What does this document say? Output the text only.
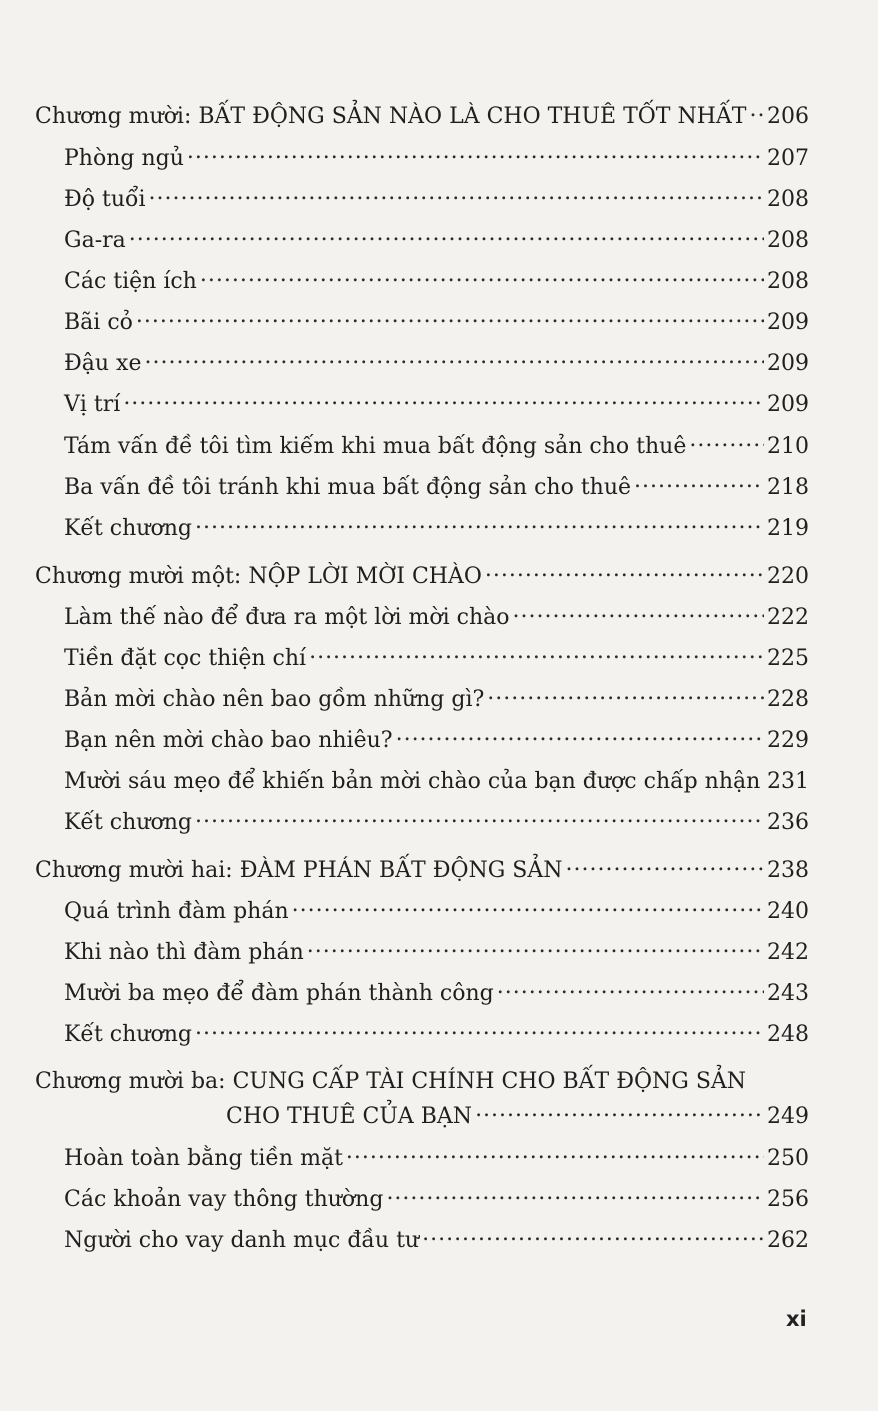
Chương mười: BẤT ĐỘNG SẢN NÀO LÀ CHO THUÊ TỐT NHẤT ..... 206
Phòng ngủ .....	207
Độ tuổi .....	208
Ga-ra .....	208
Các tiện ích .....	208
Bãi cỏ .....	209
Đậu xe .....	209
Vị trí .....	209
Tám vấn đề tôi tìm kiếm khi mua bất động sản cho thuê .....	210
Ba vấn đề tôi tránh khi mua bất động sản cho thuê .....	218
Kết chương .....	219
Chương mười một: NỘP LỜI MỜI CHÀO .....	220
Làm thế nào để đưa ra một lời mời chào .....	222
Tiền đặt cọc thiện chí .....	225
Bản mời chào nên bao gồm những gì? .....	228
Bạn nên mời chào bao nhiêu? .....	229
Mười sáu mẹo để khiến bản mời chào của bạn được chấp nhận ..... 231
Kết chương .....	236
Chương mười hai: ĐÀM PHÁN BẤT ĐỘNG SẢN .....	238
Quá trình đàm phán .....	240
Khi nào thì đàm phán .....	242
Mười ba mẹo để đàm phán thành công .....	243
Kết chương .....	248
Chương mười ba: CUNG CẤP TÀI CHÍNH CHO BẤT ĐỘNG SẢN
CHO THUÊ CỦA BẠN .....	249
Hoàn toàn bằng tiền mặt .....	250
Các khoản vay thông thường .....	256
Người cho vay danh mục đầu tư .....	262
xi
